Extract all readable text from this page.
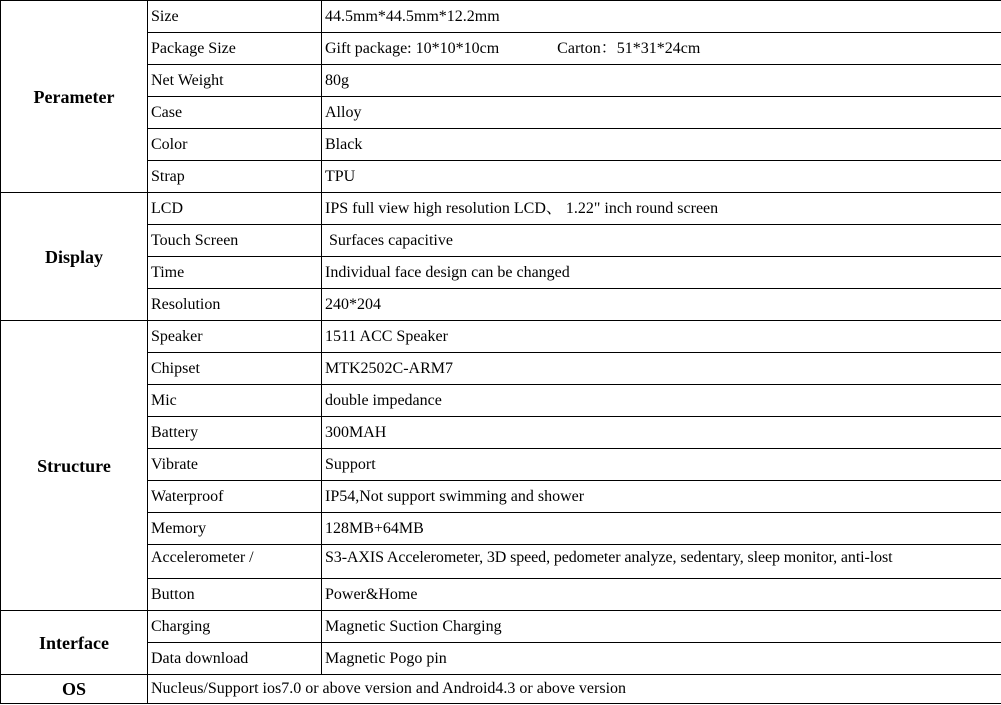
Perameter	Size	44.5mm*44.5mm*12.2mm
	Package Size	Gift package: 10*10*10cm Carton：51*31*24cm
	Net Weight	80g
	Case	Alloy
	Color	Black
	Strap	TPU
Display	LCD	IPS full view high resolution LCD、 1.22" inch round screen
	Touch Screen	Surfaces capacitive
	Time	Individual face design can be changed
	Resolution	240*204
Structure	Speaker	1511 ACC Speaker
	Chipset	MTK2502C-ARM7
	Mic	double impedance
	Battery	300MAH
	Vibrate	Support
	Waterproof	IP54,Not support swimming and shower
	Memory	128MB+64MB
	Accelerometer /	S3-AXIS Accelerometer, 3D speed, pedometer analyze, sedentary, sleep monitor, anti-lost
	Button	Power&Home
Interface	Charging	Magnetic Suction Charging
	Data download	Magnetic Pogo pin
OS	Nucleus/Support ios7.0 or above version and Android4.3 or above version	
